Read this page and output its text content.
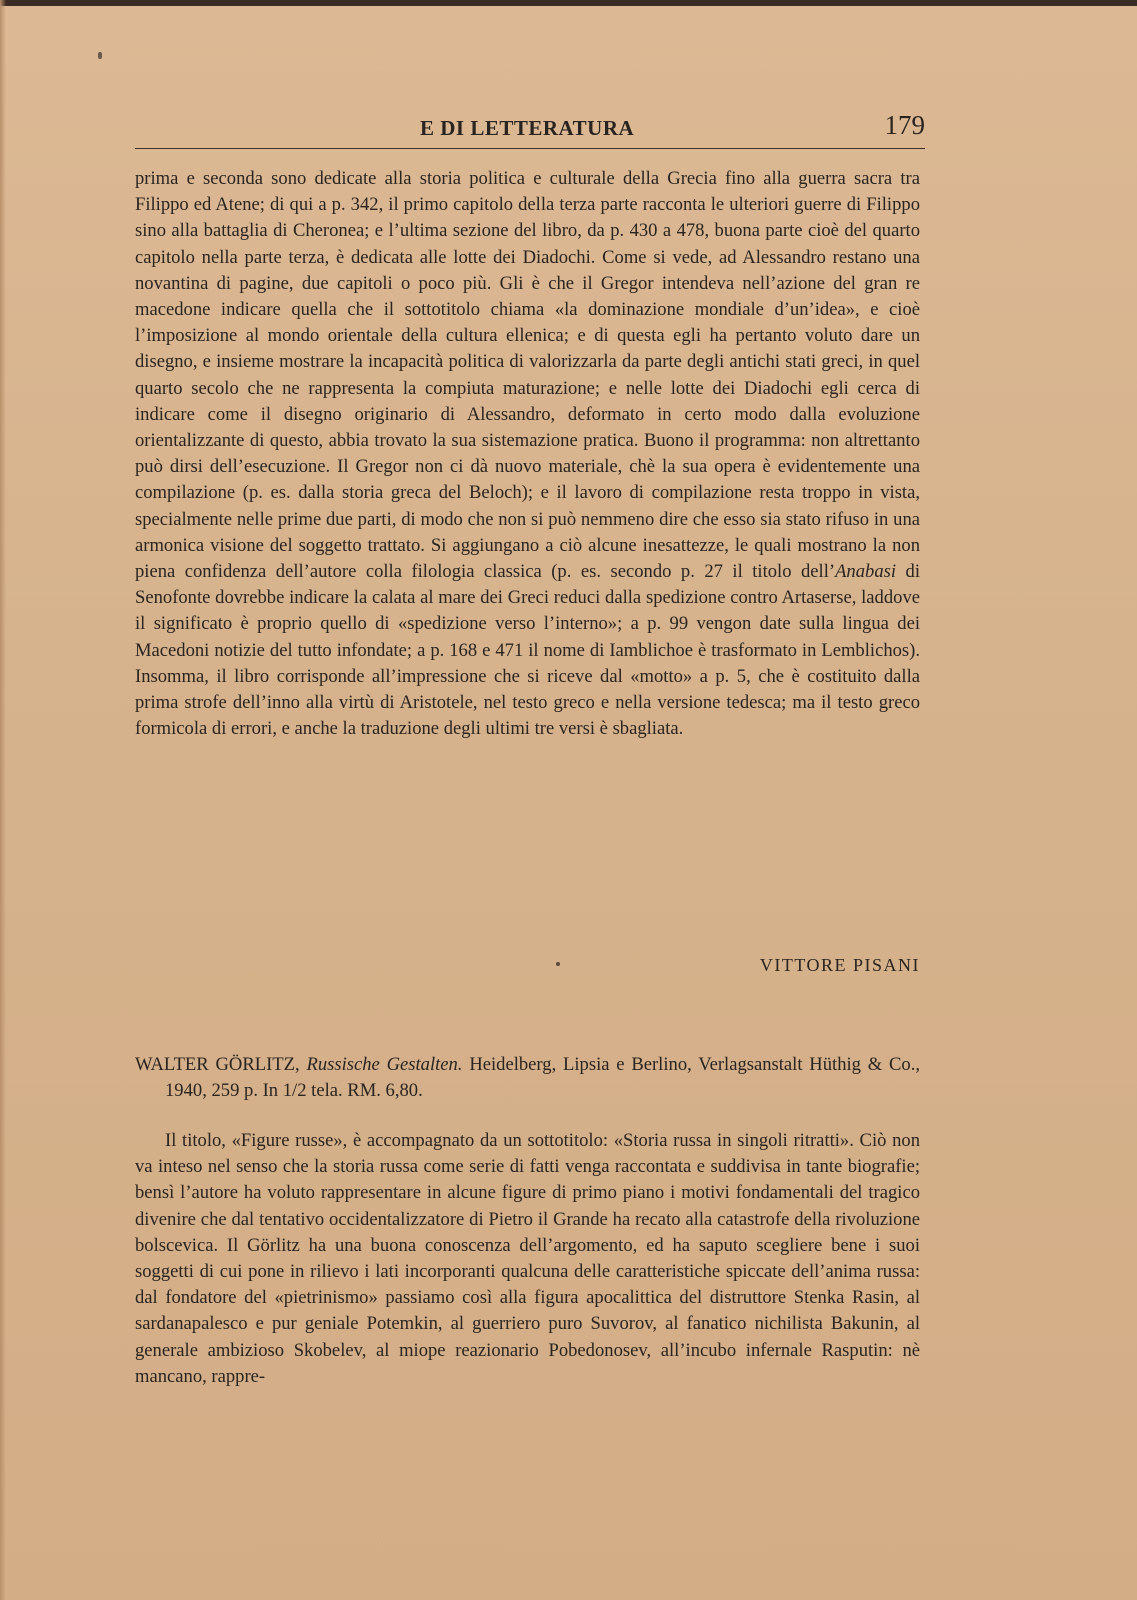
E DI LETTERATURA	179
prima e seconda sono dedicate alla storia politica e culturale della Grecia fino alla guerra sacra tra Filippo ed Atene; di qui a p. 342, il primo capitolo della terza parte racconta le ulteriori guerre di Filippo sino alla battaglia di Cheronea; e l’ultima sezione del libro, da p. 430 a 478, buona parte cioè del quarto capitolo nella parte terza, è dedicata alle lotte dei Diadochi. Come si vede, ad Alessandro restano una novantina di pagine, due capitoli o poco più. Gli è che il Gregor intendeva nell’azione del gran re macedone indicare quella che il sottotitolo chiama «la dominazione mondiale d’un’idea», e cioè l’imposizione al mondo orientale della cultura ellenica; e di questa egli ha pertanto voluto dare un disegno, e insieme mostrare la incapacità politica di valorizzarla da parte degli antichi stati greci, in quel quarto secolo che ne rappresenta la compiuta maturazione; e nelle lotte dei Diadochi egli cerca di indicare come il disegno originario di Alessandro, deformato in certo modo dalla evoluzione orientalizzante di questo, abbia trovato la sua sistemazione pratica. Buono il programma: non altrettanto può dirsi dell’esecuzione. Il Gregor non ci dà nuovo materiale, chè la sua opera è evidentemente una compilazione (p. es. dalla storia greca del Beloch); e il lavoro di compilazione resta troppo in vista, specialmente nelle prime due parti, di modo che non si può nemmeno dire che esso sia stato rifuso in una armonica visione del soggetto trattato. Si aggiungano a ciò alcune inesattezze, le quali mostrano la non piena confidenza dell’autore colla filologia classica (p. es. secondo p. 27 il titolo dell’Anabasi di Senofonte dovrebbe indicare la calata al mare dei Greci reduci dalla spedizione contro Artaserse, laddove il significato è proprio quello di «spedizione verso l’interno»; a p. 99 vengon date sulla lingua dei Macedoni notizie del tutto infondate; a p. 168 e 471 il nome di Iamblichoe è trasformato in Lemblichos). Insomma, il libro corrisponde all’impressione che si riceve dal «motto» a p. 5, che è costituito dalla prima strofe dell’inno alla virtù di Aristotele, nel testo greco e nella versione tedesca; ma il testo greco formicola di errori, e anche la traduzione degli ultimi tre versi è sbagliata.
VITTORE PISANI
WALTER GÖRLITZ, Russische Gestalten. Heidelberg, Lipsia e Berlino, Verlagsanstalt Hüthig & Co., 1940, 259 p. In 1/2 tela. RM. 6,80.
Il titolo, «Figure russe», è accompagnato da un sottotitolo: «Storia russa in singoli ritratti». Ciò non va inteso nel senso che la storia russa come serie di fatti venga raccontata e suddivisa in tante biografie; bensì l’autore ha voluto rappresentare in alcune figure di primo piano i motivi fondamentali del tragico divenire che dal tentativo occidentalizzatore di Pietro il Grande ha recato alla catastrofe della rivoluzione bolscevica. Il Görlitz ha una buona conoscenza dell’argomento, ed ha saputo scegliere bene i suoi soggetti di cui pone in rilievo i lati incorporanti qualcuna delle caratteristiche spiccate dell’anima russa: dal fondatore del «pietrinismo» passiamo così alla figura apocalittica del distruttore Stenka Rasin, al sardanapalesco e pur geniale Potemkin, al guerriero puro Suvorov, al fanatico nichilista Bakunin, al generale ambizioso Skobelev, al miope reazionario Pobedonosev, all’incubo infernale Rasputin: nè mancano, rappre-
